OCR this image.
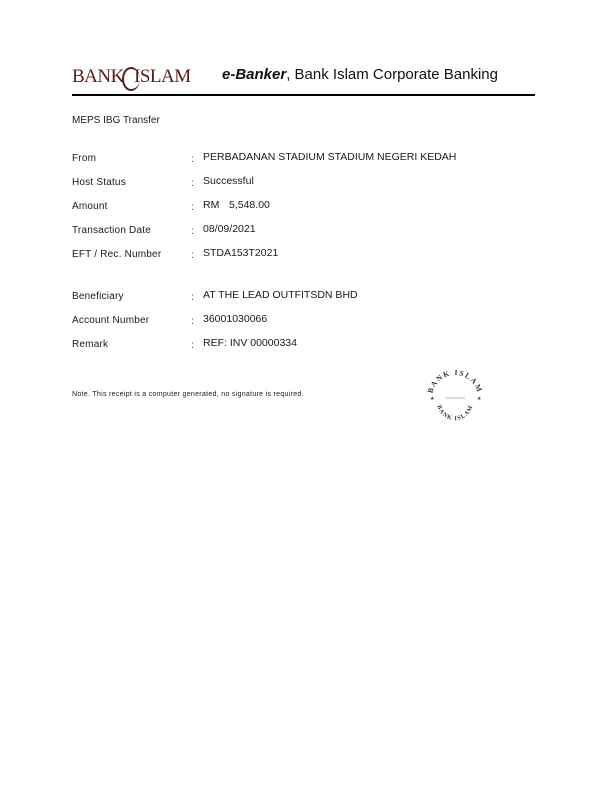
BANK ISLAM e-Banker, Bank Islam Corporate Banking
MEPS IBG Transfer
From	: PERBADANAN STADIUM STADIUM NEGERI KEDAH
Host Status	: Successful
Amount	: RM 5,548.00
Transaction Date	: 08/09/2021
EFT / Rec. Number	: STDA153T2021
Beneficiary	: AT THE LEAD OUTFITSDN BHD
Account Number	: 36001030066
Remark	: REF: INV 00000334
Note. This receipt is a computer generated, no signature is required.
BANK ISLAM
BANK ISLAM
★	★
